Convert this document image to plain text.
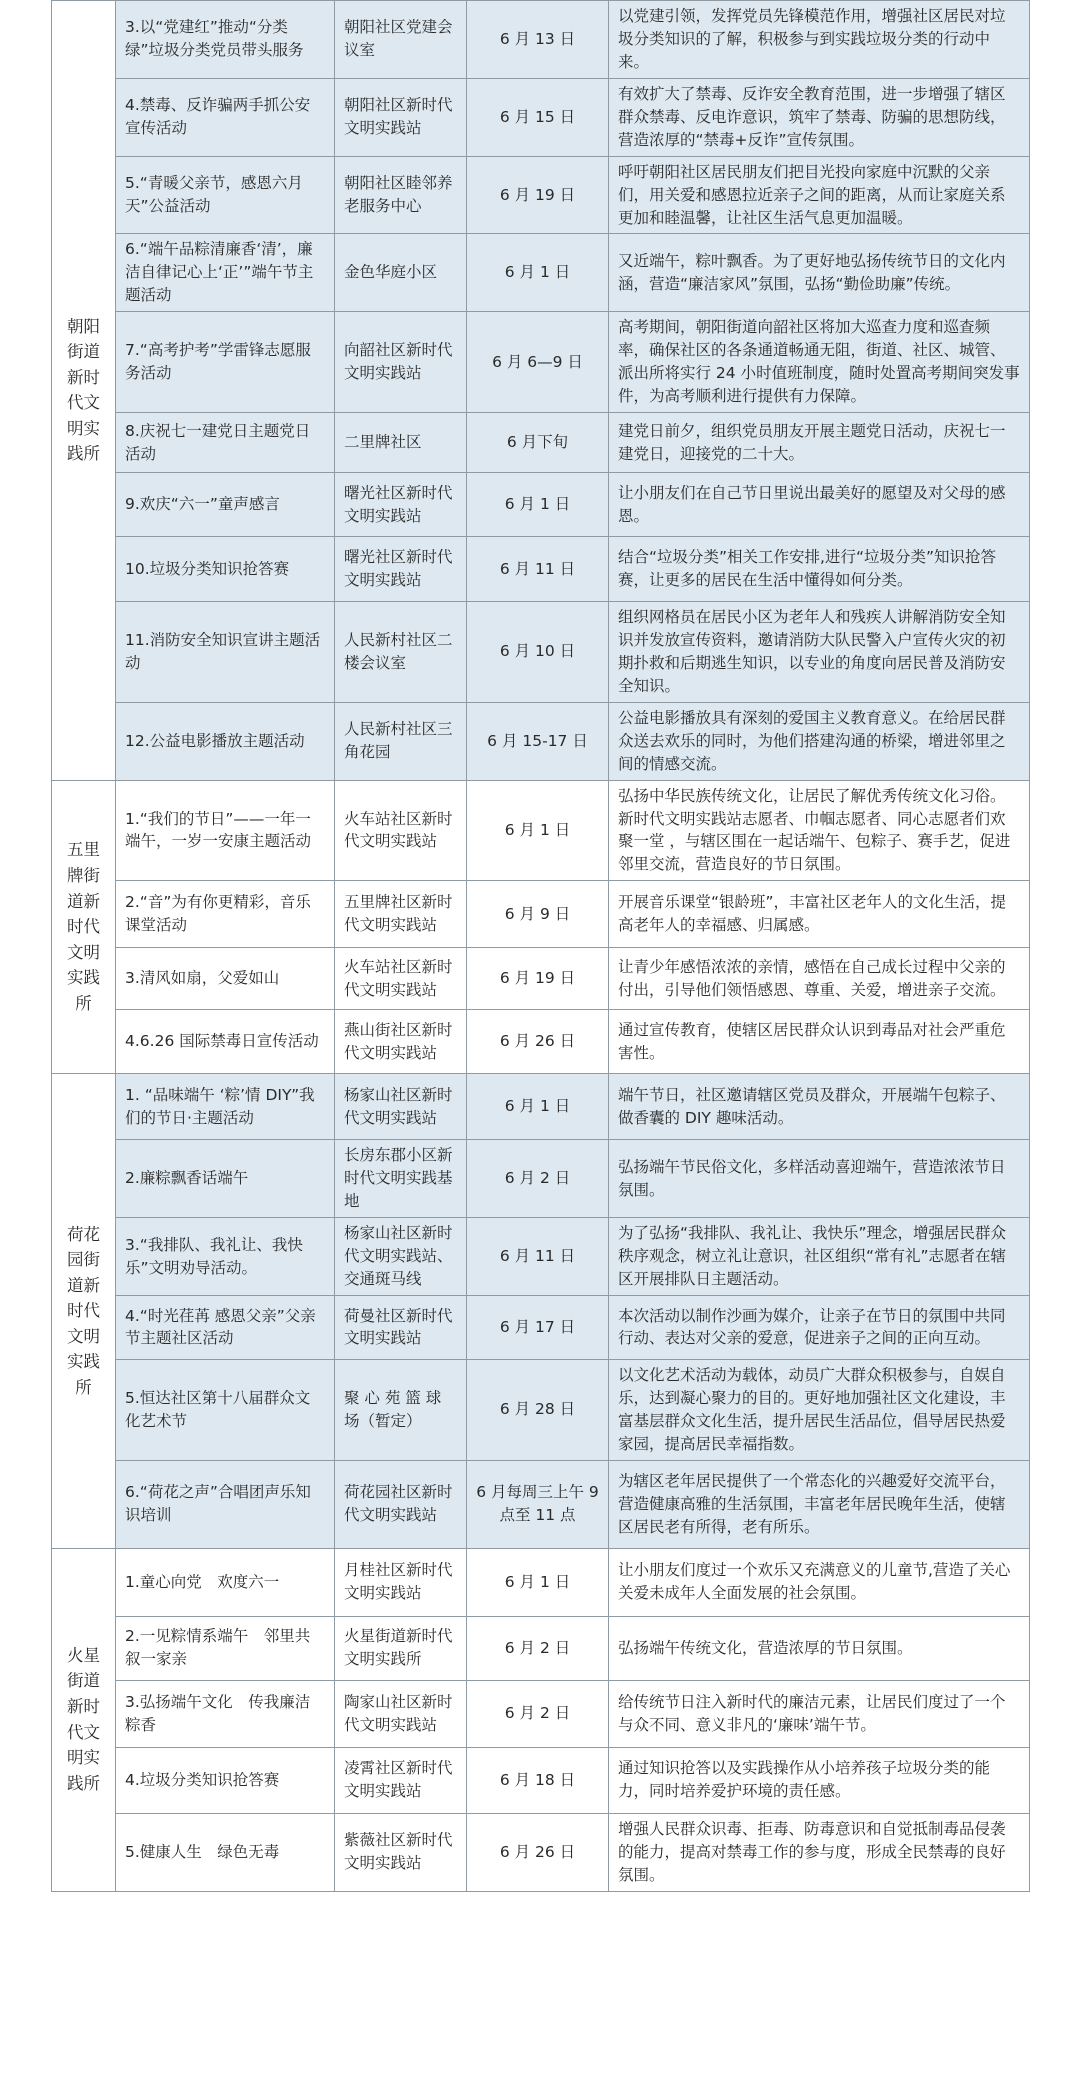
朝阳街道新时代文明实践所	3.以“党建红”推动“分类绿”垃圾分类党员带头服务	朝阳社区党建会议室	6 月 13 日	以党建引领，发挥党员先锋模范作用，增强社区居民对垃圾分类知识的了解，积极参与到实践垃圾分类的行动中来。
	4.禁毒、反诈骗两手抓公安宣传活动	朝阳社区新时代文明实践站	6 月 15 日	有效扩大了禁毒、反诈安全教育范围，进一步增强了辖区群众禁毒、反电诈意识，筑牢了禁毒、防骗的思想防线，营造浓厚的“禁毒+反诈”宣传氛围。
	5.“青暖父亲节，感恩六月天”公益活动	朝阳社区睦邻养老服务中心	6 月 19 日	呼吁朝阳社区居民朋友们把目光投向家庭中沉默的父亲们，用关爱和感恩拉近亲子之间的距离，从而让家庭关系更加和睦温馨，让社区生活气息更加温暖。
	6.“端午品粽清廉香‘清’，廉洁自律记心上‘正’”端午节主题活动	金色华庭小区	6 月 1 日	又近端午，粽叶飘香。为了更好地弘扬传统节日的文化内涵，营造“廉洁家风”氛围，弘扬“勤俭助廉”传统。
	7.“高考护考”学雷锋志愿服务活动	向韶社区新时代文明实践站	6 月 6—9 日	高考期间，朝阳街道向韶社区将加大巡查力度和巡查频率，确保社区的各条通道畅通无阻，街道、社区、城管、派出所将实行 24 小时值班制度，随时处置高考期间突发事件，为高考顺利进行提供有力保障。
	8.庆祝七一建党日主题党日活动	二里牌社区	6 月下旬	建党日前夕，组织党员朋友开展主题党日活动，庆祝七一建党日，迎接党的二十大。
	9.欢庆“六一”童声感言	曙光社区新时代文明实践站	6 月 1 日	让小朋友们在自己节日里说出最美好的愿望及对父母的感恩。
	10.垃圾分类知识抢答赛	曙光社区新时代文明实践站	6 月 11 日	结合“垃圾分类”相关工作安排,进行“垃圾分类”知识抢答赛，让更多的居民在生活中懂得如何分类。
	11.消防安全知识宣讲主题活动	人民新村社区二楼会议室	6 月 10 日	组织网格员在居民小区为老年人和残疾人讲解消防安全知识并发放宣传资料，邀请消防大队民警入户宣传火灾的初期扑救和后期逃生知识，以专业的角度向居民普及消防安全知识。
	12.公益电影播放主题活动	人民新村社区三角花园	6 月 15-17 日	公益电影播放具有深刻的爱国主义教育意义。在给居民群众送去欢乐的同时，为他们搭建沟通的桥梁，增进邻里之间的情感交流。
五里牌街道新时代文明实践所	1.“我们的节日”——一年一端午，一岁一安康主题活动	火车站社区新时代文明实践站	6 月 1 日	弘扬中华民族传统文化，让居民了解优秀传统文化习俗。新时代文明实践站志愿者、巾帼志愿者、同心志愿者们欢聚一堂 ，与辖区围在一起话端午、包粽子、赛手艺，促进邻里交流，营造良好的节日氛围。
	2.“音”为有你更精彩，音乐课堂活动	五里牌社区新时代文明实践站	6 月 9 日	开展音乐课堂“银龄班”，丰富社区老年人的文化生活，提高老年人的幸福感、归属感。
	3.清风如扇，父爱如山	火车站社区新时代文明实践站	6 月 19 日	让青少年感悟浓浓的亲情，感悟在自己成长过程中父亲的付出，引导他们领悟感恩、尊重、关爱，增进亲子交流。
	4.6.26 国际禁毒日宣传活动	燕山街社区新时代文明实践站	6 月 26 日	通过宣传教育，使辖区居民群众认识到毒品对社会严重危害性。
荷花园街道新时代文明实践所	1. “品味端午 ‘粽’情 DIY”我们的节日·主题活动	杨家山社区新时代文明实践站	6 月 1 日	端午节日，社区邀请辖区党员及群众，开展端午包粽子、做香囊的 DIY 趣味活动。
	2.廉粽飘香话端午	长房东郡小区新时代文明实践基地	6 月 2 日	弘扬端午节民俗文化，多样活动喜迎端午，营造浓浓节日氛围。
	3.“我排队、我礼让、我快乐”文明劝导活动。	杨家山社区新时代文明实践站、交通斑马线	6 月 11 日	为了弘扬“我排队、我礼让、我快乐”理念，增强居民群众秩序观念，树立礼让意识，社区组织“常有礼”志愿者在辖区开展排队日主题活动。
	4.“时光荏苒 感恩父亲”父亲节主题社区活动	荷曼社区新时代文明实践站	6 月 17 日	本次活动以制作沙画为媒介，让亲子在节日的氛围中共同行动、表达对父亲的爱意，促进亲子之间的正向互动。
	5.恒达社区第十八届群众文化艺术节	聚 心 苑 篮 球 场（暂定）	6 月 28 日	以文化艺术活动为载体，动员广大群众积极参与，自娱自乐，达到凝心聚力的目的。更好地加强社区文化建设，丰富基层群众文化生活，提升居民生活品位，倡导居民热爱家园，提高居民幸福指数。
	6.“荷花之声”合唱团声乐知识培训	荷花园社区新时代文明实践站	6 月每周三上午 9 点至 11 点	为辖区老年居民提供了一个常态化的兴趣爱好交流平台，营造健康高雅的生活氛围，丰富老年居民晚年生活，使辖区居民老有所得，老有所乐。
火星街道新时代文明实践所	1.童心向党　欢度六一	月桂社区新时代文明实践站	6 月 1 日	让小朋友们度过一个欢乐又充满意义的儿童节,营造了关心关爱未成年人全面发展的社会氛围。
	2.一见粽情系端午　邻里共叙一家亲	火星街道新时代文明实践所	6 月 2 日	弘扬端午传统文化，营造浓厚的节日氛围。
	3.弘扬端午文化　传我廉洁粽香	陶家山社区新时代文明实践站	6 月 2 日	给传统节日注入新时代的廉洁元素，让居民们度过了一个与众不同、意义非凡的‘廉味’端午节。
	4.垃圾分类知识抢答赛	凌霄社区新时代文明实践站	6 月 18 日	通过知识抢答以及实践操作从小培养孩子垃圾分类的能力，同时培养爱护环境的责任感。
	5.健康人生　绿色无毒	紫薇社区新时代文明实践站	6 月 26 日	增强人民群众识毒、拒毒、防毒意识和自觉抵制毒品侵袭的能力，提高对禁毒工作的参与度，形成全民禁毒的良好氛围。
